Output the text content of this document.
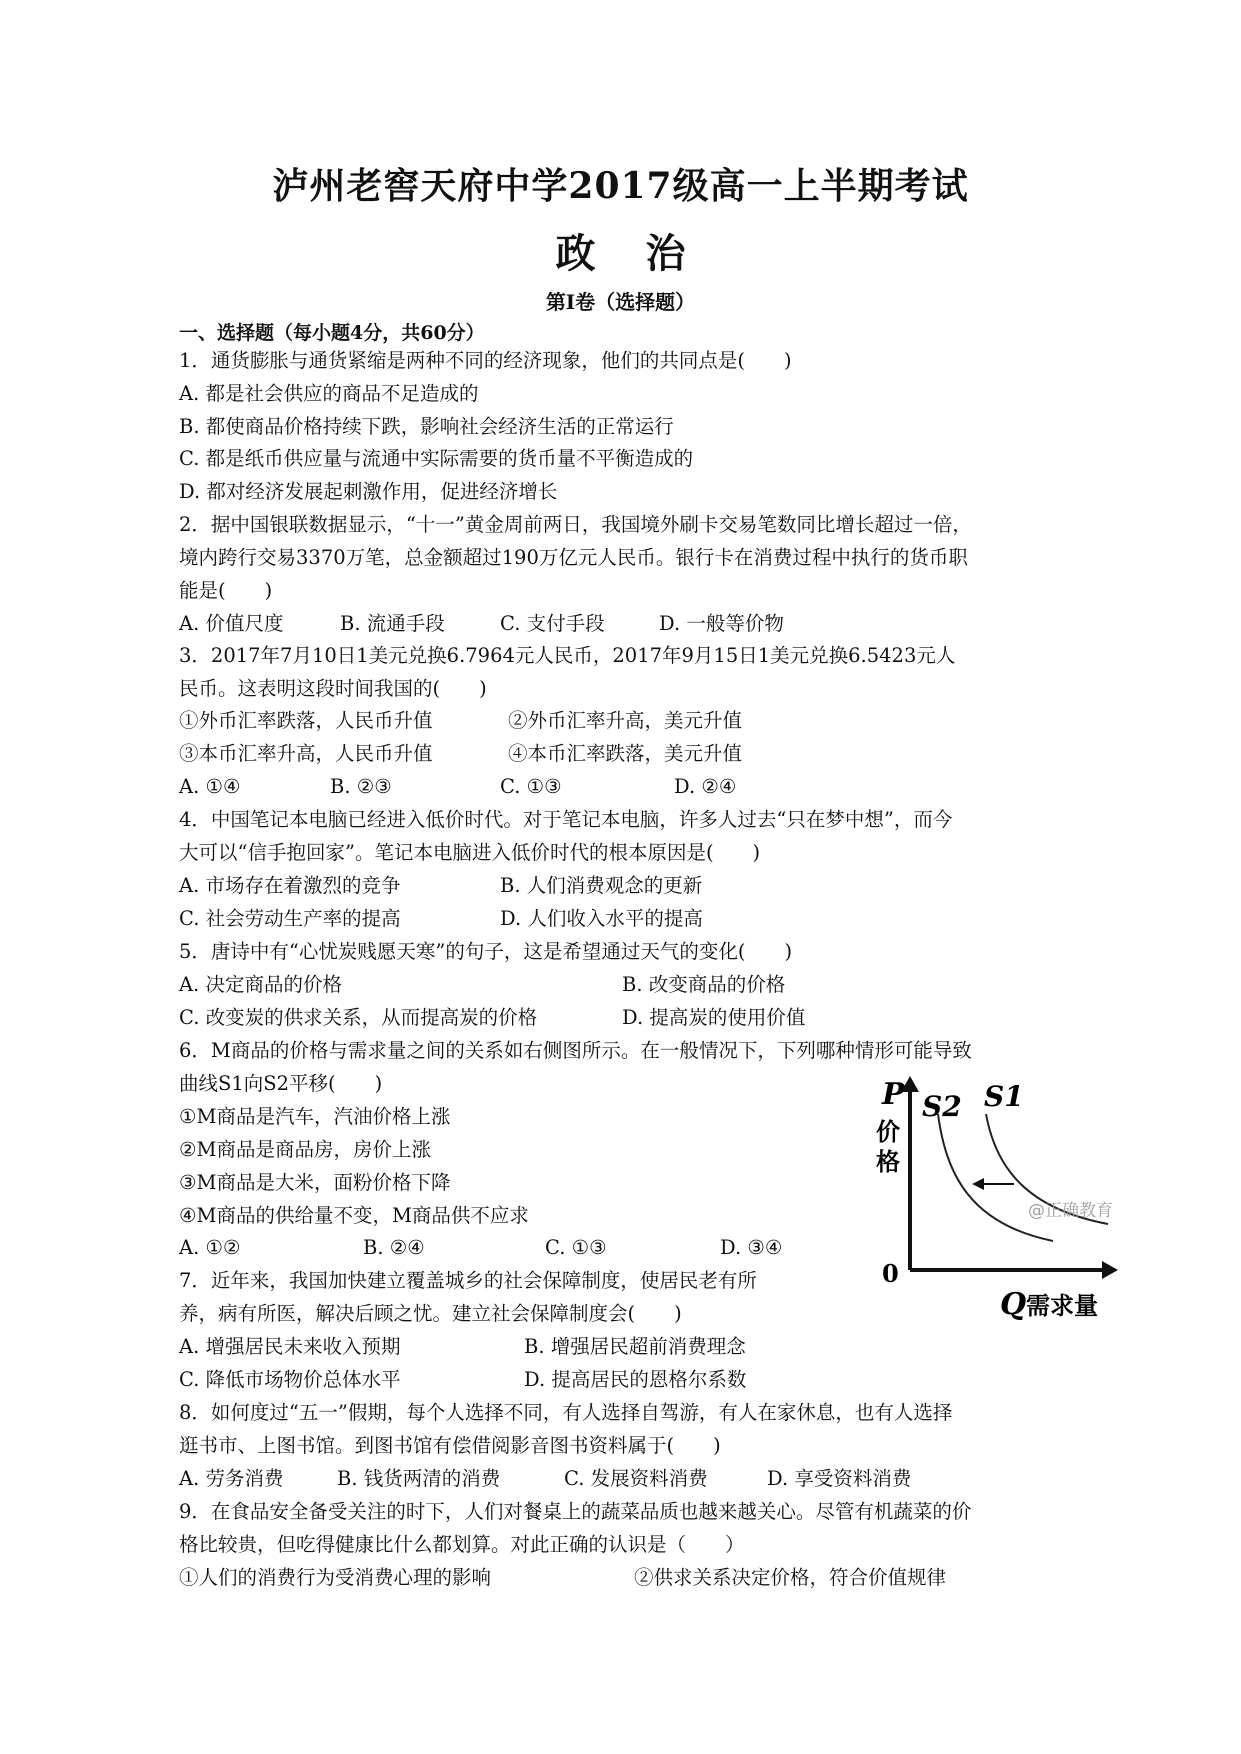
泸州老窖天府中学2017级高一上半期考试
政治
第Ⅰ卷（选择题）
一、选择题（每小题4分，共60分）
1．通货膨胀与通货紧缩是两种不同的经济现象，他们的共同点是(　　)
A. 都是社会供应的商品不足造成的
B. 都使商品价格持续下跌，影响社会经济生活的正常运行
C. 都是纸币供应量与流通中实际需要的货币量不平衡造成的
D. 都对经济发展起刺激作用，促进经济增长
2．据中国银联数据显示，“十一”黄金周前两日，我国境外刷卡交易笔数同比增长超过一倍，
境内跨行交易3370万笔，总金额超过190万亿元人民币。银行卡在消费过程中执行的货币职
能是(　　)
A. 价值尺度	B. 流通手段	C. 支付手段	D. 一般等价物
3．2017年7月10日1美元兑换6.7964元人民币，2017年9月15日1美元兑换6.5423元人
民币。这表明这段时间我国的(　　)
①外币汇率跌落，人民币升值	②外币汇率升高，美元升值
③本币汇率升高，人民币升值	④本币汇率跌落，美元升值
A. ①④	B. ②③	C. ①③	D. ②④
4．中国笔记本电脑已经进入低价时代。对于笔记本电脑，许多人过去“只在梦中想”，而今
大可以“信手抱回家”。笔记本电脑进入低价时代的根本原因是(　　)
A. 市场存在着激烈的竞争	B. 人们消费观念的更新
C. 社会劳动生产率的提高	D. 人们收入水平的提高
5．唐诗中有“心忧炭贱愿天寒”的句子，这是希望通过天气的变化(　　)
A. 决定商品的价格	B. 改变商品的价格
C. 改变炭的供求关系，从而提高炭的价格	D. 提高炭的使用价值
6．M商品的价格与需求量之间的关系如右侧图所示。在一般情况下，下列哪种情形可能导致
曲线S1向S2平移(　　)
①M商品是汽车，汽油价格上涨
②M商品是商品房，房价上涨
③M商品是大米，面粉价格下降
④M商品的供给量不变，M商品供不应求
A. ①②	B. ②④	C. ①③	D. ③④
P
价
格
0
Q 需求量
S2 S1
@正确教育
7．近年来，我国加快建立覆盖城乡的社会保障制度，使居民老有所
养，病有所医，解决后顾之忧。建立社会保障制度会(　　)
A. 增强居民未来收入预期	B. 增强居民超前消费理念
C. 降低市场物价总体水平	D. 提高居民的恩格尔系数
8．如何度过“五一”假期，每个人选择不同，有人选择自驾游，有人在家休息，也有人选择
逛书市、上图书馆。到图书馆有偿借阅影音图书资料属于(　　)
A. 劳务消费	B. 钱货两清的消费	C. 发展资料消费	D. 享受资料消费
9．在食品安全备受关注的时下，人们对餐桌上的蔬菜品质也越来越关心。尽管有机蔬菜的价
格比较贵，但吃得健康比什么都划算。对此正确的认识是（　　）
①人们的消费行为受消费心理的影响	②供求关系决定价格，符合价值规律
